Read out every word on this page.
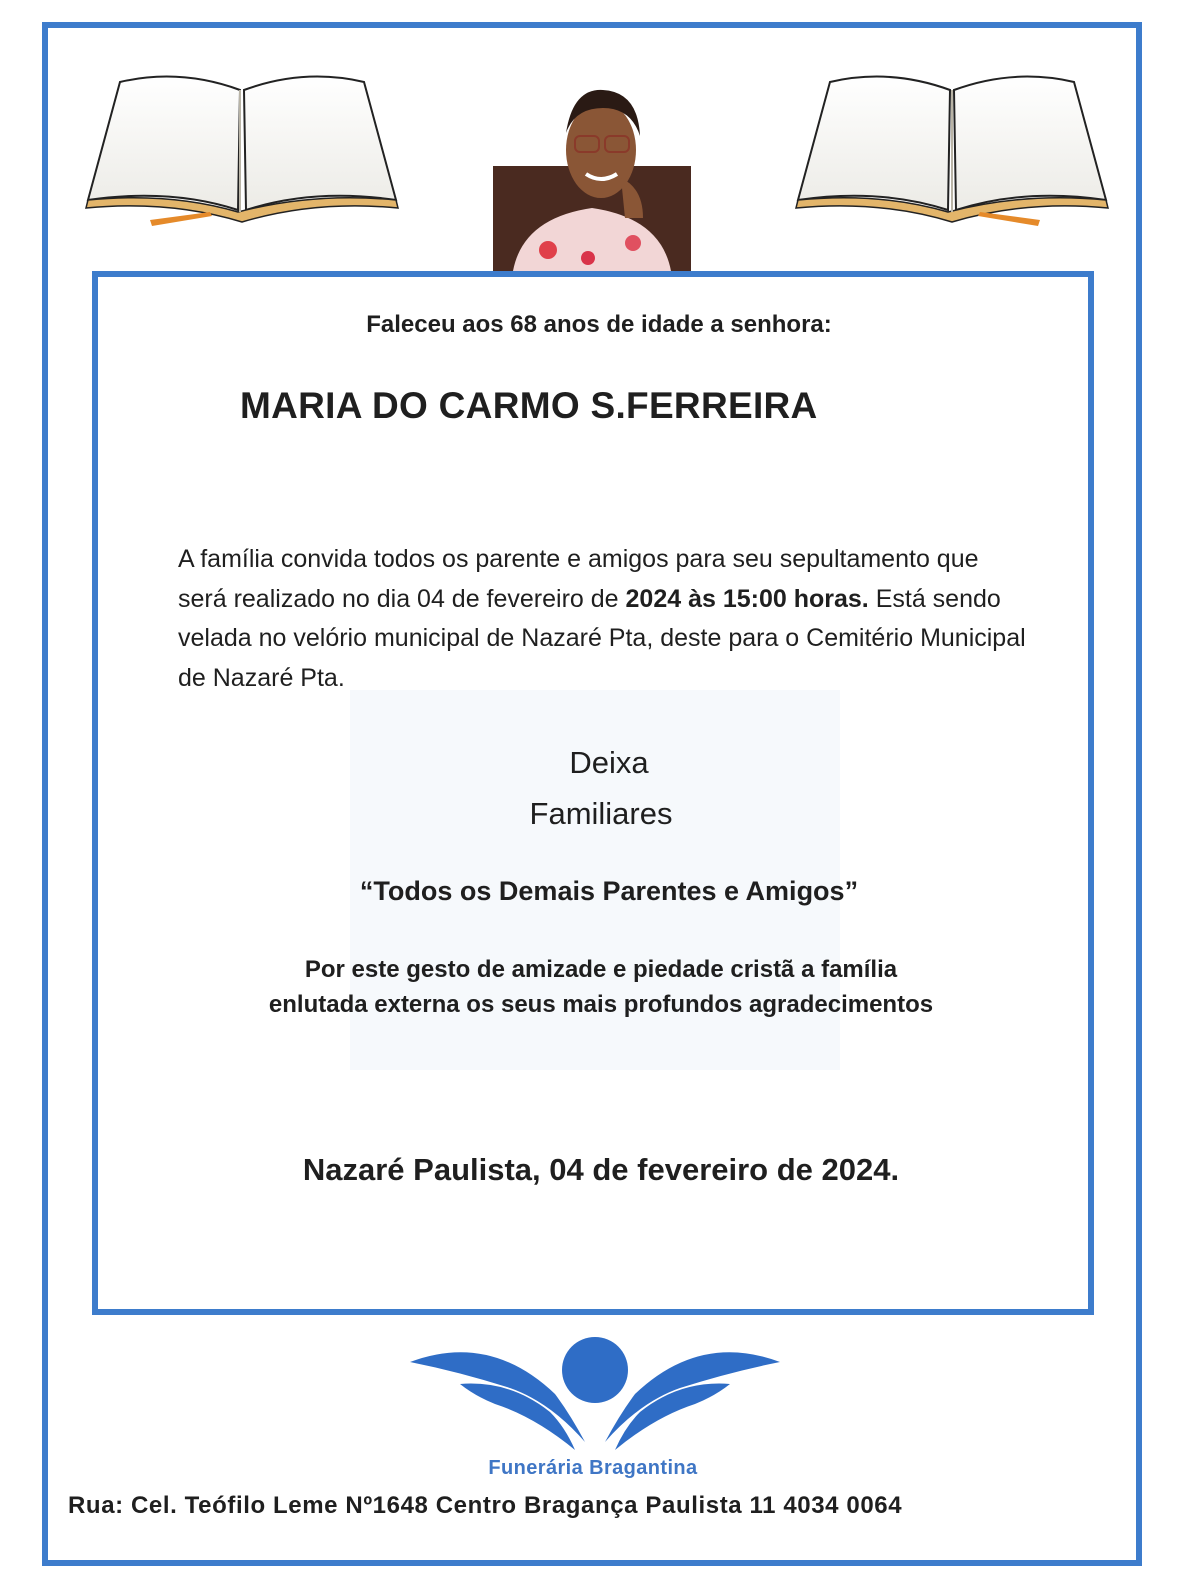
Faleceu aos 68 anos de idade a senhora:
MARIA DO CARMO S.FERREIRA
A família convida todos os parente e amigos para seu sepultamento que será realizado no dia 04 de fevereiro de 2024 às 15:00 horas. Está sendo velada no velório municipal de Nazaré Pta, deste para o Cemitério Municipal de Nazaré Pta.
Deixa
Familiares
“Todos os Demais Parentes e Amigos”
Por este gesto de amizade e piedade cristã a família
enlutada externa os seus mais profundos agradecimentos
Nazaré Paulista, 04 de fevereiro de 2024.
Funerária Bragantina
Rua: Cel. Teófilo Leme Nº1648 Centro Bragança Paulista 11 4034 0064
